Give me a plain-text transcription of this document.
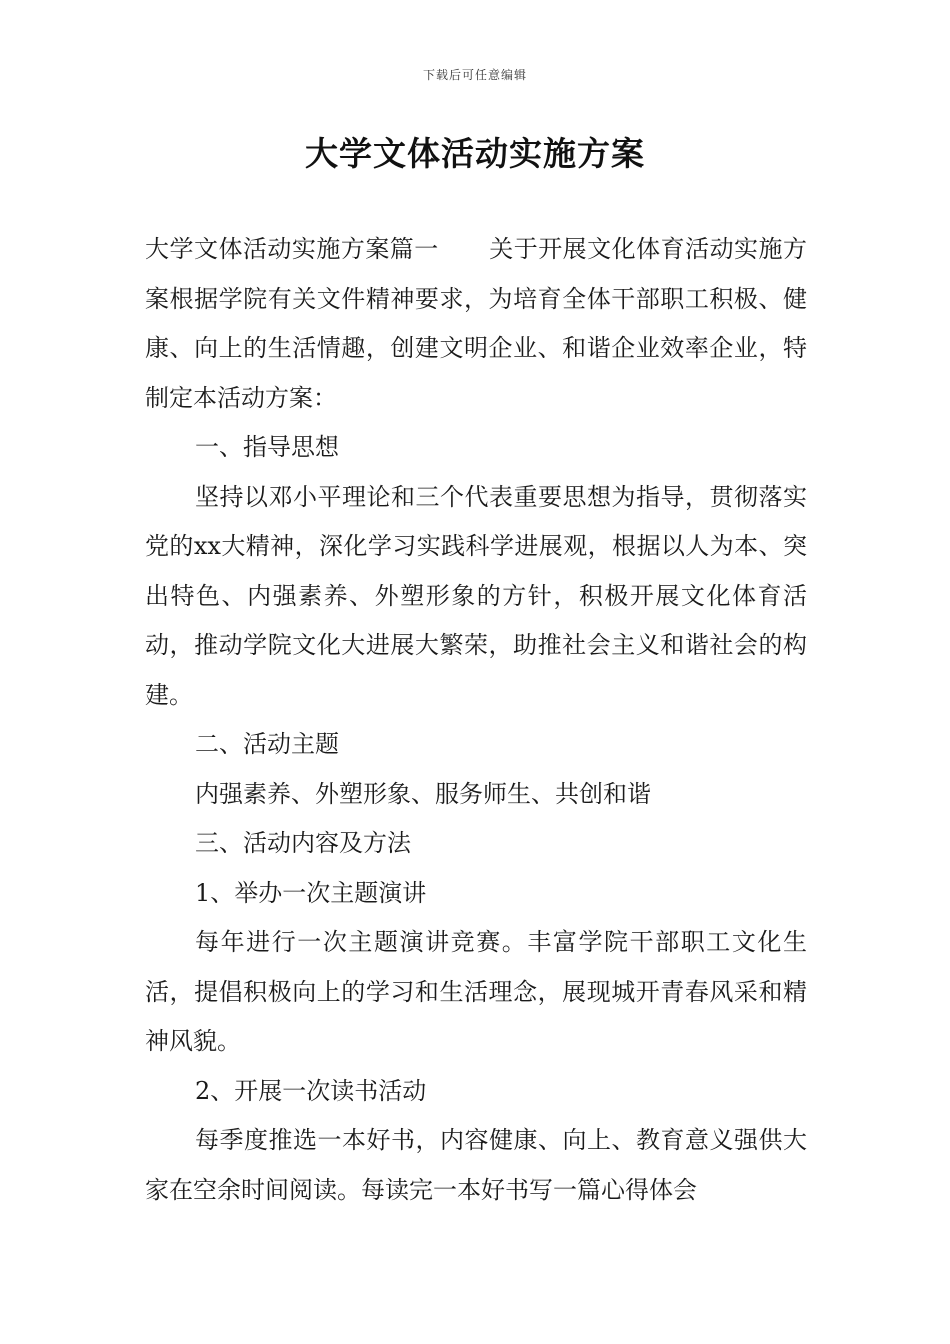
下载后可任意编辑
大学文体活动实施方案

大学文体活动实施方案篇一 关于开展文化体育活动实施方案根据学院有关文件精神要求，为培育全体干部职工积极、健康、向上的生活情趣，创建文明企业、和谐企业效率企业，特制定本活动方案：

一、指导思想

坚持以邓小平理论和三个代表重要思想为指导，贯彻落实党的xx大精神，深化学习实践科学进展观，根据以人为本、突出特色、内强素养、外塑形象的方针，积极开展文化体育活动，推动学院文化大进展大繁荣，助推社会主义和谐社会的构建。

二、活动主题

内强素养、外塑形象、服务师生、共创和谐

三、活动内容及方法

1、举办一次主题演讲

每年进行一次主题演讲竞赛。丰富学院干部职工文化生活，提倡积极向上的学习和生活理念，展现城开青春风采和精神风貌。

2、开展一次读书活动

每季度推选一本好书，内容健康、向上、教育意义强供大家在空余时间阅读。每读完一本好书写一篇心得体会
